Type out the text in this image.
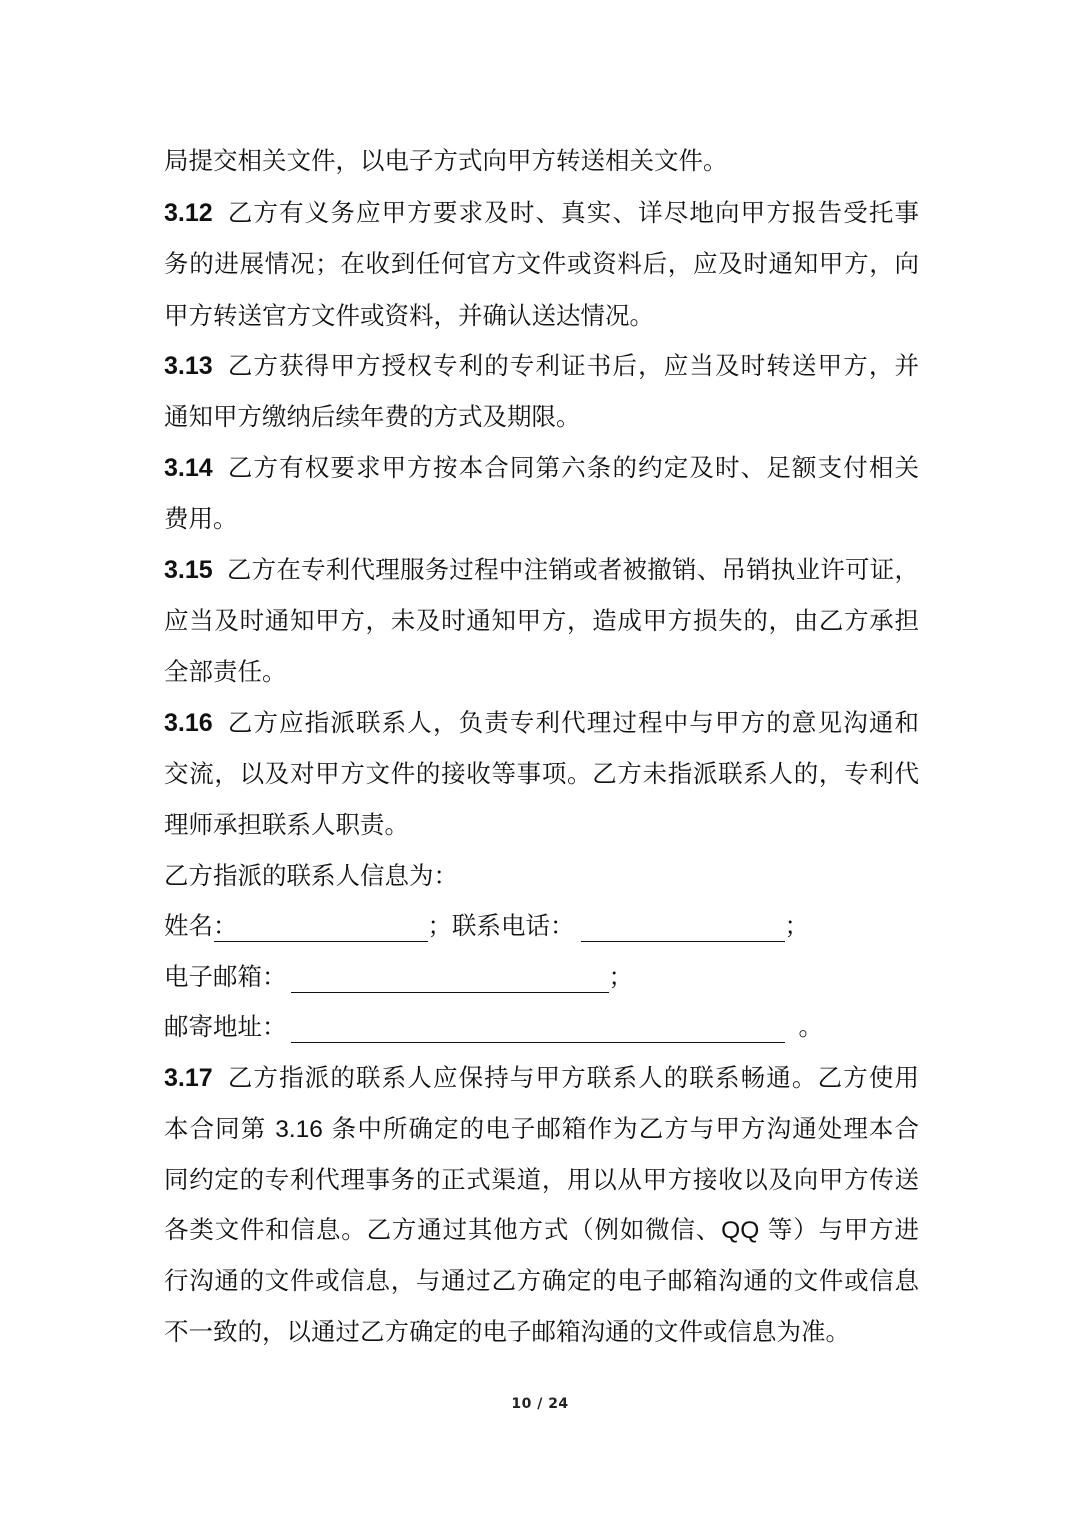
局提交相关文件，以电子方式向甲方转送相关文件。
3.12 乙方有义务应甲方要求及时、真实、详尽地向甲方报告受托事
务的进展情况；在收到任何官方文件或资料后，应及时通知甲方，向
甲方转送官方文件或资料，并确认送达情况。
3.13 乙方获得甲方授权专利的专利证书后，应当及时转送甲方，并
通知甲方缴纳后续年费的方式及期限。
3.14 乙方有权要求甲方按本合同第六条的约定及时、足额支付相关
费用。
3.15 乙方在专利代理服务过程中注销或者被撤销、吊销执业许可证，
应当及时通知甲方，未及时通知甲方，造成甲方损失的，由乙方承担
全部责任。
3.16 乙方应指派联系人，负责专利代理过程中与甲方的意见沟通和
交流，以及对甲方文件的接收等事项。乙方未指派联系人的，专利代
理师承担联系人职责。
乙方指派的联系人信息为：
姓名：	；联系电话：	；
电子邮箱：	；
邮寄地址：	。
3.17 乙方指派的联系人应保持与甲方联系人的联系畅通。乙方使用
本合同第 3.16 条中所确定的电子邮箱作为乙方与甲方沟通处理本合
同约定的专利代理事务的正式渠道，用以从甲方接收以及向甲方传送
各类文件和信息。乙方通过其他方式（例如微信、QQ 等）与甲方进
行沟通的文件或信息，与通过乙方确定的电子邮箱沟通的文件或信息
不一致的，以通过乙方确定的电子邮箱沟通的文件或信息为准。
10 / 24
